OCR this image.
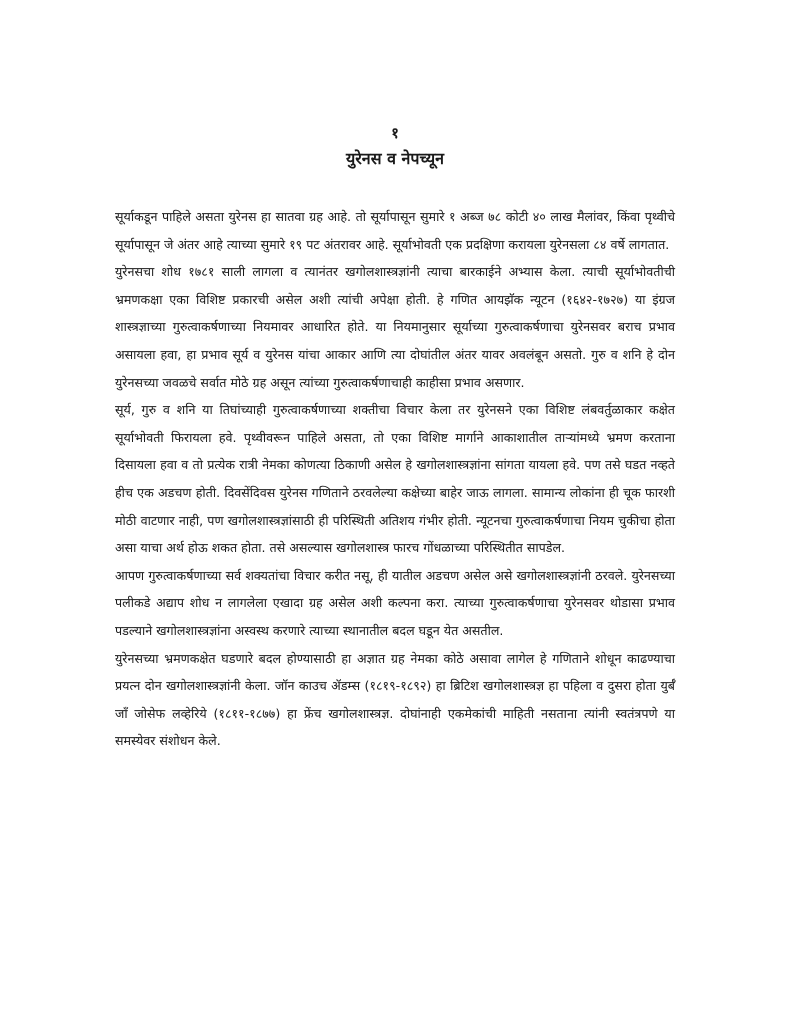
१
युरेनस व नेपच्यून

सूर्याकडून पाहिले असता युरेनस हा सातवा ग्रह आहे. तो सूर्यापासून सुमारे १ अब्ज ७८ कोटी ४० लाख मैलांवर, किंवा पृथ्वीचे सूर्यापासून जे अंतर आहे त्याच्या सुमारे १९ पट अंतरावर आहे. सूर्याभोवती एक प्रदक्षिणा करायला युरेनसला ८४ वर्षे लागतात.

युरेनसचा शोध १७८१ साली लागला व त्यानंतर खगोलशास्त्रज्ञांनी त्याचा बारकाईने अभ्यास केला. त्याची सूर्याभोवतीची भ्रमणकक्षा एका विशिष्ट प्रकारची असेल अशी त्यांची अपेक्षा होती. हे गणित आयझॅक न्यूटन (१६४२-१७२७) या इंग्रज शास्त्रज्ञाच्या गुरुत्वाकर्षणाच्या नियमावर आधारित होते. या नियमानुसार सूर्याच्या गुरुत्वाकर्षणाचा युरेनसवर बराच प्रभाव असायला हवा, हा प्रभाव सूर्य व युरेनस यांचा आकार आणि त्या दोघांतील अंतर यावर अवलंबून असतो. गुरु व शनि हे दोन युरेनसच्या जवळचे सर्वात मोठे ग्रह असून त्यांच्या गुरुत्वाकर्षणाचाही काहीसा प्रभाव असणार.

सूर्य, गुरु व शनि या तिघांच्याही गुरुत्वाकर्षणाच्या शक्तीचा विचार केला तर युरेनसने एका विशिष्ट लंबवर्तुळाकार कक्षेत सूर्याभोवती फिरायला हवे. पृथ्वीवरून पाहिले असता, तो एका विशिष्ट मार्गाने आकाशातील ताऱ्यांमध्ये भ्रमण करताना दिसायला हवा व तो प्रत्येक रात्री नेमका कोणत्या ठिकाणी असेल हे खगोलशास्त्रज्ञांना सांगता यायला हवे. पण तसे घडत नव्हते हीच एक अडचण होती. दिवसेंदिवस युरेनस गणिताने ठरवलेल्या कक्षेच्या बाहेर जाऊ लागला. सामान्य लोकांना ही चूक फारशी मोठी वाटणार नाही, पण खगोलशास्त्रज्ञांसाठी ही परिस्थिती अतिशय गंभीर होती. न्यूटनचा गुरुत्वाकर्षणाचा नियम चुकीचा होता असा याचा अर्थ होऊ शकत होता. तसे असल्यास खगोलशास्त्र फारच गोंधळाच्या परिस्थितीत सापडेल.

आपण गुरुत्वाकर्षणाच्या सर्व शक्यतांचा विचार करीत नसू, ही यातील अडचण असेल असे खगोलशास्त्रज्ञांनी ठरवले. युरेनसच्या पलीकडे अद्याप शोध न लागलेला एखादा ग्रह असेल अशी कल्पना करा. त्याच्या गुरुत्वाकर्षणाचा युरेनसवर थोडासा प्रभाव पडल्याने खगोलशास्त्रज्ञांना अस्वस्थ करणारे त्याच्या स्थानातील बदल घडून येत असतील.

युरेनसच्या भ्रमणकक्षेत घडणारे बदल होण्यासाठी हा अज्ञात ग्रह नेमका कोठे असावा लागेल हे गणिताने शोधून काढण्याचा प्रयत्न दोन खगोलशास्त्रज्ञांनी केला. जॉन काउच ॲडम्स (१८१९-१८९२) हा ब्रिटिश खगोलशास्त्रज्ञ हा पहिला व दुसरा होता युर्बँ जाँ जोसेफ लव्हेरिये (१८११-१८७७) हा फ्रेंच खगोलशास्त्रज्ञ. दोघांनाही एकमेकांची माहिती नसताना त्यांनी स्वतंत्रपणे या समस्येवर संशोधन केले.
